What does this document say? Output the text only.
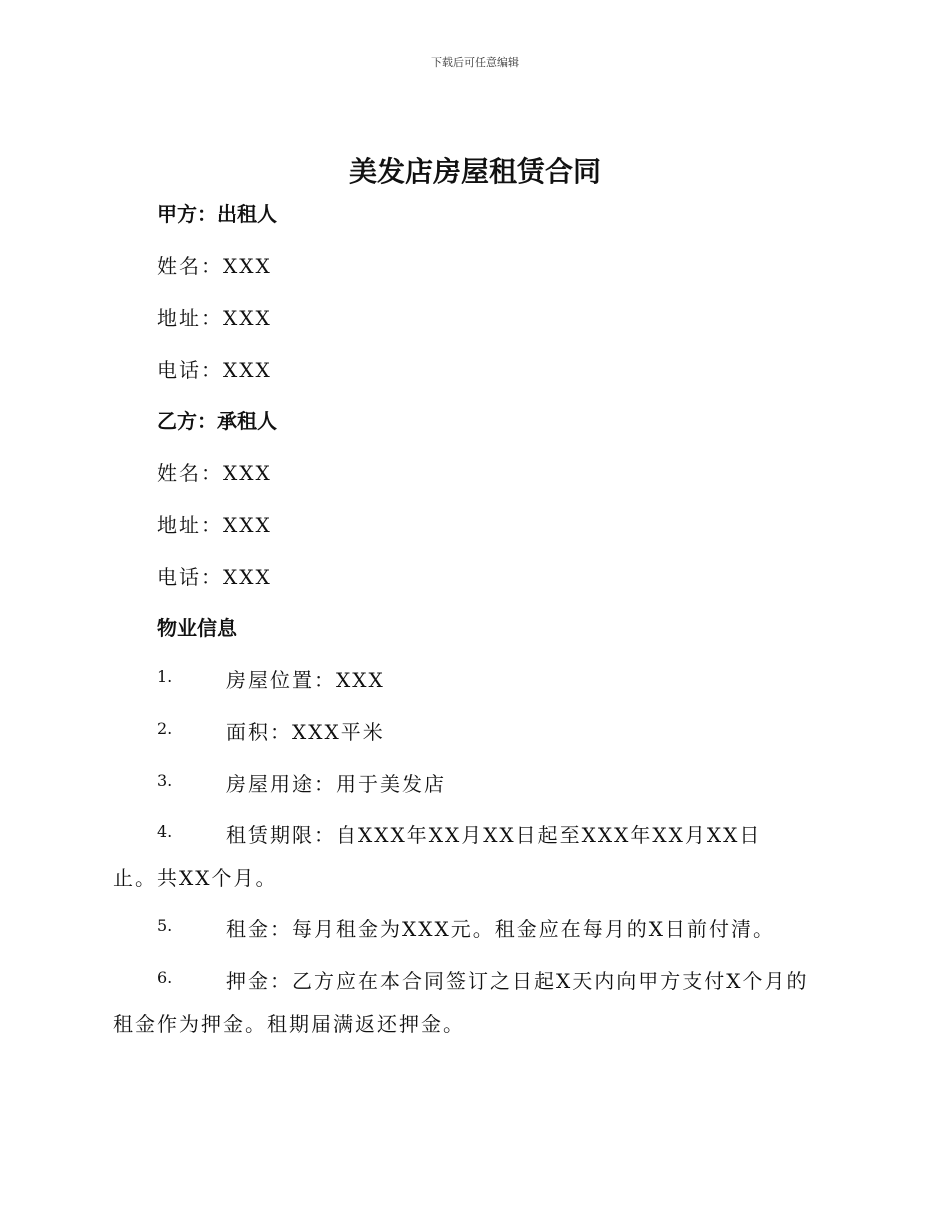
下载后可任意编辑
美发店房屋租赁合同
甲方：出租人
姓名：XXX
地址：XXX
电话：XXX
乙方：承租人
姓名：XXX
地址：XXX
电话：XXX
物业信息
1.	房屋位置：XXX
2.	面积：XXX平米
3.	房屋用途：用于美发店
4.	租赁期限：自XXX年XX月XX日起至XXX年XX月XX日
止。共XX个月。
5.	租金：每月租金为XXX元。租金应在每月的X日前付清。
6.	押金：乙方应在本合同签订之日起X天内向甲方支付X个月的
租金作为押金。租期届满返还押金。
